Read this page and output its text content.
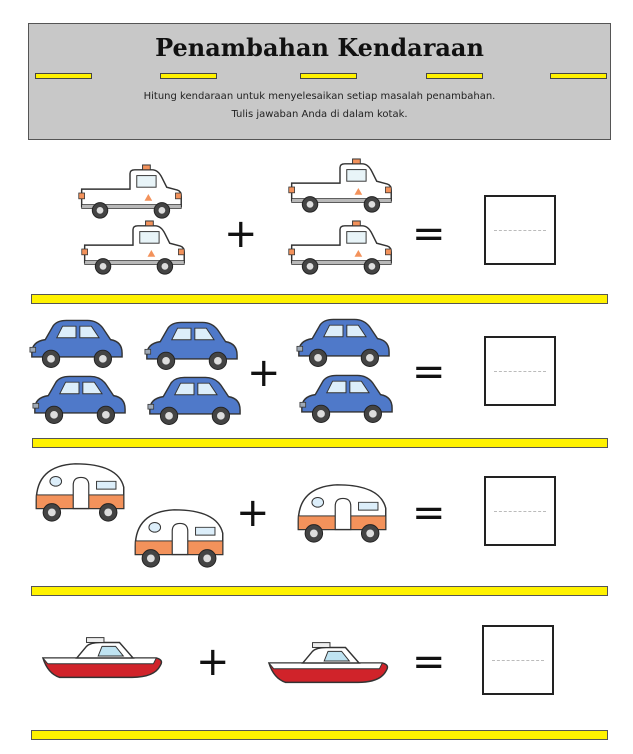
Penambahan Kendaraan
Hitung kendaraan untuk menyelesaikan setiap masalah penambahan.
Tulis jawaban Anda di dalam kotak.
+	=
+	=
+	=
+	=
